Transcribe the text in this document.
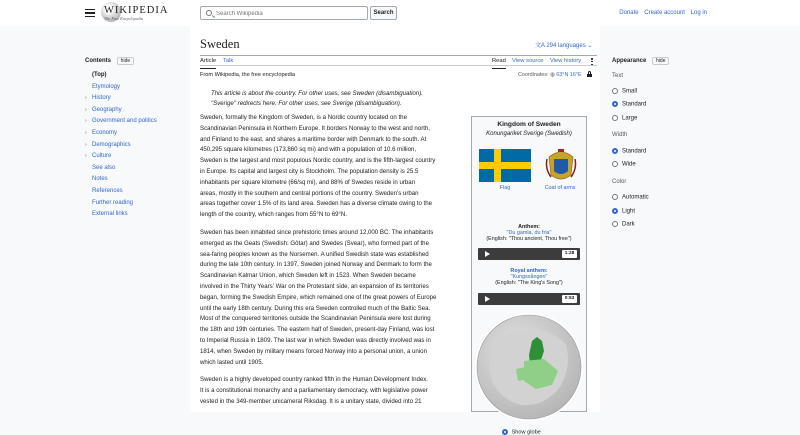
WIKIPEDIA
The Free Encyclopedia
Search Wikipedia
Search	Donate Create account Log in
Contents hide
(Top)
Etymology
› History
› Geography
› Government and politics
› Economy
› Demographics
› Culture
See also
Notes
References
Further reading
External links
Sweden	文A 294 languages ⌄
Article Talk	Read View source View history
From Wikipedia, the free encyclopedia	Coordinates: ◍ 63°N 16°E
This article is about the country. For other uses, see Sweden (disambiguation).
"Sverige" redirects here. For other uses, see Sverige (disambiguation).
Sweden, formally the Kingdom of Sweden, is a Nordic country located on the
Scandinavian Peninsula in Northern Europe. It borders Norway to the west and north,
and Finland to the east, and shares a maritime border with Denmark to the south. At
450,295 square kilometres (173,860 sq mi) and with a population of 10.6 million,
Sweden is the largest and most populous Nordic country, and is the fifth-largest country
in Europe. Its capital and largest city is Stockholm. The population density is 25.5
inhabitants per square kilometre (66/sq mi), and 88% of Swedes reside in urban
areas, mostly in the southern and central portions of the country. Sweden's urban
areas together cover 1.5% of its land area. Sweden has a diverse climate owing to the
length of the country, which ranges from 55°N to 69°N.
Sweden has been inhabited since prehistoric times around 12,000 BC. The inhabitants
emerged as the Geats (Swedish: Götar) and Swedes (Svear), who formed part of the
sea-faring peoples known as the Norsemen. A unified Swedish state was established
during the late 10th century. In 1397, Sweden joined Norway and Denmark to form the
Scandinavian Kalmar Union, which Sweden left in 1523. When Sweden became
involved in the Thirty Years' War on the Protestant side, an expansion of its territories
began, forming the Swedish Empire, which remained one of the great powers of Europe
until the early 18th century. During this era Sweden controlled much of the Baltic Sea.
Most of the conquered territories outside the Scandinavian Peninsula were lost during
the 18th and 19th centuries. The eastern half of Sweden, present-day Finland, was lost
to Imperial Russia in 1809. The last war in which Sweden was directly involved was in
1814, when Sweden by military means forced Norway into a personal union, a union
which lasted until 1905.
Sweden is a highly developed country ranked fifth in the Human Development Index.
It is a constitutional monarchy and a parliamentary democracy, with legislative power
vested in the 349-member unicameral Riksdag. It is a unitary state, divided into 21
Kingdom of Sweden
Konungariket Sverige (Swedish)
Flag	Coat of arms
Anthem:
"Du gamla, du fria"
(English: "Thou ancient, Thou free")
1:28
Royal anthem:
"Kungssången"
(English: "The King's Song")
0:53
Show globe
Appearance hide
Text
Small
Standard
Large
Width
Standard
Wide
Color
Automatic
Light
Dark
